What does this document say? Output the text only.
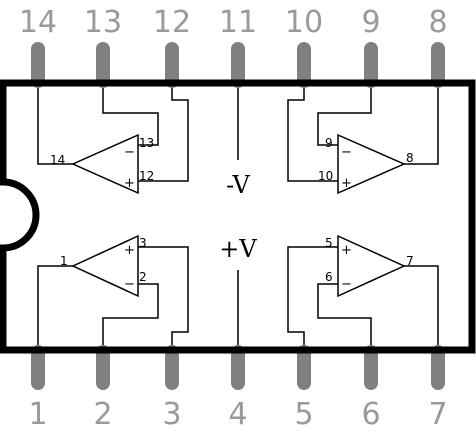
14 13 12 11 10 9 8
1 2 3 4 5 6 7
14
13
12
−
+
8
9
10
−
+
1
2
3
+
−
7
6
5 +
−
-V
+V
